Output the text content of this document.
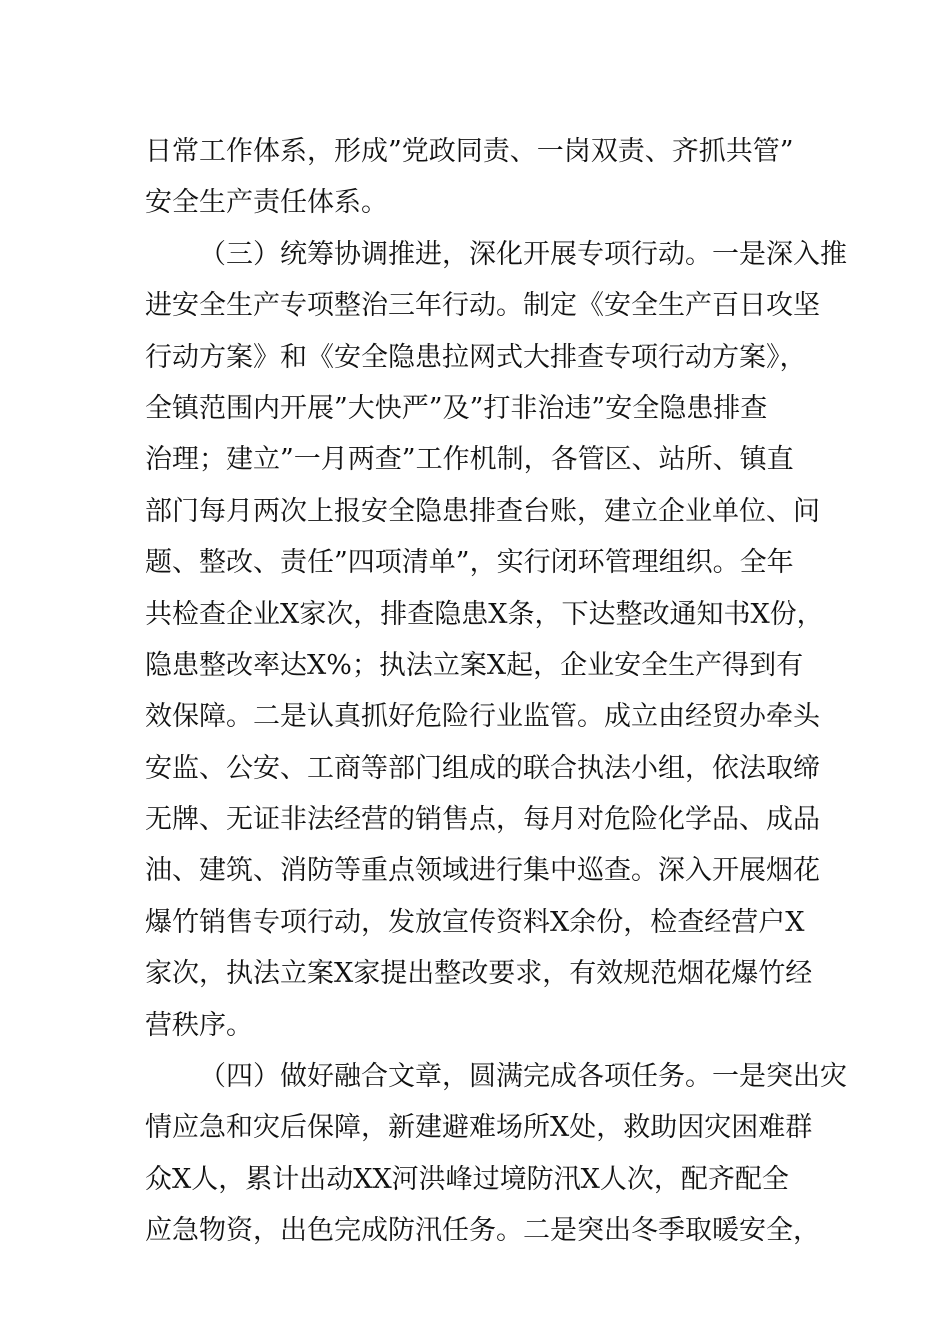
日常工作体系，形成”党政同责、一岗双责、齐抓共管”
安全生产责任体系。
（三）统筹协调推进，深化开展专项行动。一是深入推
进安全生产专项整治三年行动。制定《安全生产百日攻坚
行动方案》和《安全隐患拉网式大排查专项行动方案》，
全镇范围内开展”大快严”及”打非治违”安全隐患排查
治理；建立”一月两查”工作机制，各管区、站所、镇直
部门每月两次上报安全隐患排查台账，建立企业单位、问
题、整改、责任”四项清单”，实行闭环管理组织。全年
共检查企业X家次，排查隐患X条，下达整改通知书X份，
隐患整改率达X%；执法立案X起，企业安全生产得到有
效保障。二是认真抓好危险行业监管。成立由经贸办牵头
安监、公安、工商等部门组成的联合执法小组，依法取缔
无牌、无证非法经营的销售点，每月对危险化学品、成品
油、建筑、消防等重点领域进行集中巡查。深入开展烟花
爆竹销售专项行动，发放宣传资料X余份，检查经营户X
家次，执法立案X家提出整改要求，有效规范烟花爆竹经
营秩序。
（四）做好融合文章，圆满完成各项任务。一是突出灾
情应急和灾后保障，新建避难场所X处，救助因灾困难群
众X人，累计出动XX河洪峰过境防汛X人次，配齐配全
应急物资，出色完成防汛任务。二是突出冬季取暖安全，
